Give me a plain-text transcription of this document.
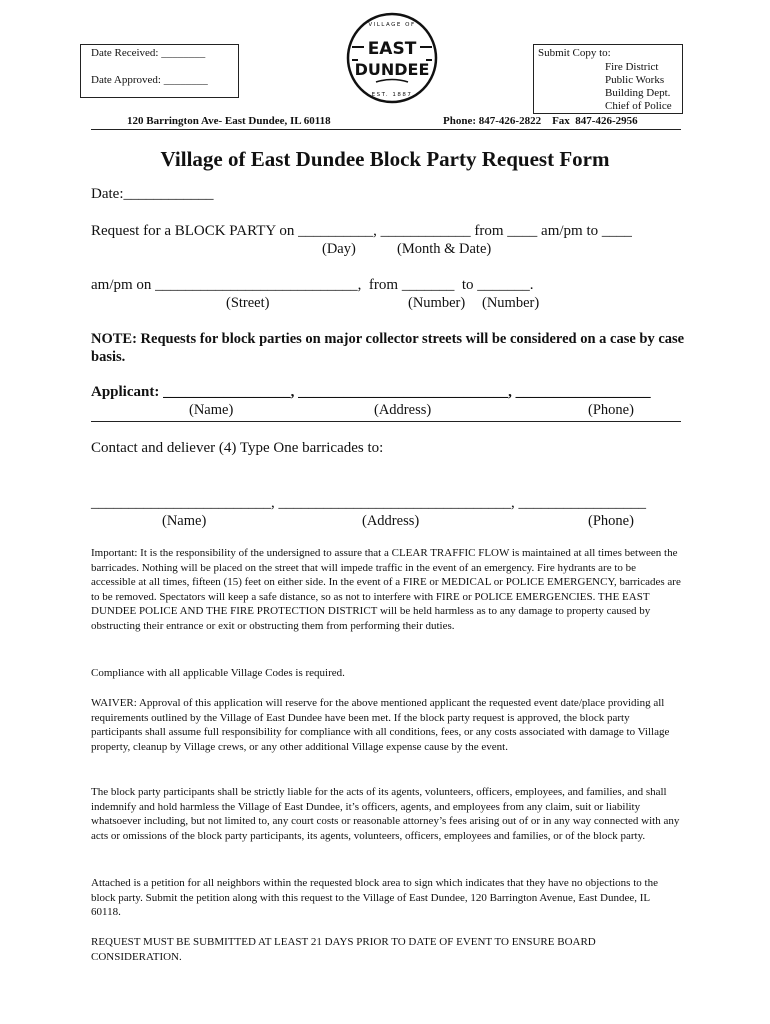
Date Received: ________
Date Approved: ________
VILLAGE OF
EAST
DUNDEE
EST. 1887
Submit Copy to:
Fire District
Public Works
Building Dept.
Chief of Police
120 Barrington Ave- East Dundee, IL 60118	Phone: 847-426-2822    Fax  847-426-2956
Village of East Dundee Block Party Request Form
Date:____________
Request for a BLOCK PARTY on __________, ____________ from ____ am/pm to ____
(Day)	(Month & Date)
am/pm on ___________________________,  from _______  to _______.
(Street)	(Number) (Number)
NOTE: Requests for block parties on major collector streets will be considered on a case by case basis.
Applicant: _________________, ____________________________, __________________
(Name)	(Address)	(Phone)
Contact and deliever (4) Type One barricades to:
________________________, _______________________________, _________________
(Name)	(Address)	(Phone)
Important: It is the responsibility of the undersigned to assure that a CLEAR TRAFFIC FLOW is maintained at all times between the barricades. Nothing will be placed on the street that will impede traffic in the event of an emergency. Fire hydrants are to be accessible at all times, fifteen (15) feet on either side. In the event of a FIRE or MEDICAL or POLICE EMERGENCY, barricades are to be removed. Spectators will keep a safe distance, so as not to interfere with FIRE or POLICE EMERGENCIES. THE EAST DUNDEE POLICE AND THE FIRE PROTECTION DISTRICT will be held harmless as to any damage to property caused by obstructing their entrance or exit or obstructing them from performing their duties.
Compliance with all applicable Village Codes is required.
WAIVER: Approval of this application will reserve for the above mentioned applicant the requested event date/place providing all requirements outlined by the Village of East Dundee have been met. If the block party request is approved, the block party participants shall assume full responsibility for compliance with all conditions, fees, or any costs associated with damage to Village property, cleanup by Village crews, or any other additional Village expense cause by the event.
The block party participants shall be strictly liable for the acts of its agents, volunteers, officers, employees, and families, and shall indemnify and hold harmless the Village of East Dundee, it’s officers, agents, and employees from any claim, suit or liability whatsoever including, but not limited to, any court costs or reasonable attorney’s fees arising out of or in any way connected with any acts or omissions of the block party participants, its agents, volunteers, officers, employees and families, or of the block party.
Attached is a petition for all neighbors within the requested block area to sign which indicates that they have no objections to the block party. Submit the petition along with this request to the Village of East Dundee, 120 Barrington Avenue, East Dundee, IL 60118.
REQUEST MUST BE SUBMITTED AT LEAST 21 DAYS PRIOR TO DATE OF EVENT TO ENSURE BOARD CONSIDERATION.
